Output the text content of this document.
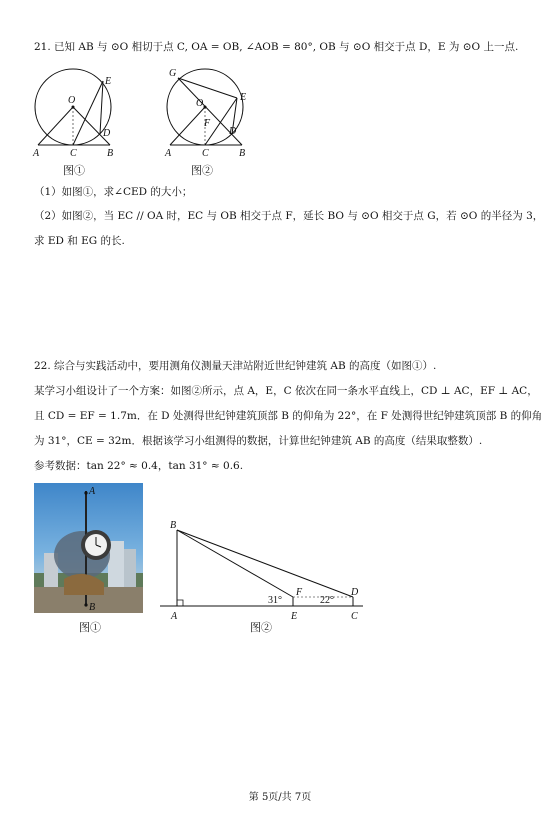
21. 已知 AB 与 ⊙O 相切于点 C, OA = OB, ∠AOB = 80°, OB 与 ⊙O 相交于点 D，E 为 ⊙O 上一点.
O
E
D
A	C	B
图①
G
O
E
F
D
A	C	B
图②
（1）如图①，求∠CED 的大小；
（2）如图②，当 EC // OA 时，EC 与 OB 相交于点 F，延长 BO 与 ⊙O 相交于点 G，若 ⊙O 的半径为 3，
求 ED 和 EG 的长.
22. 综合与实践活动中，要用测角仪测量天津站附近世纪钟建筑 AB 的高度（如图①）.
某学习小组设计了一个方案：如图②所示，点 A，E，C 依次在同一条水平直线上，CD ⊥ AC，EF ⊥ AC，
且 CD = EF = 1.7m．在 D 处测得世纪钟建筑顶部 B 的仰角为 22°，在 F 处测得世纪钟建筑顶部 B 的仰角
为 31°，CE = 32m．根据该学习小组测得的数据，计算世纪钟建筑 AB 的高度（结果取整数）.
参考数据：tan 22° ≈ 0.4，tan 31° ≈ 0.6.
A
B
图①
B
D
F
A	E	C
31°	22°
图②
第 5页/共 7页
